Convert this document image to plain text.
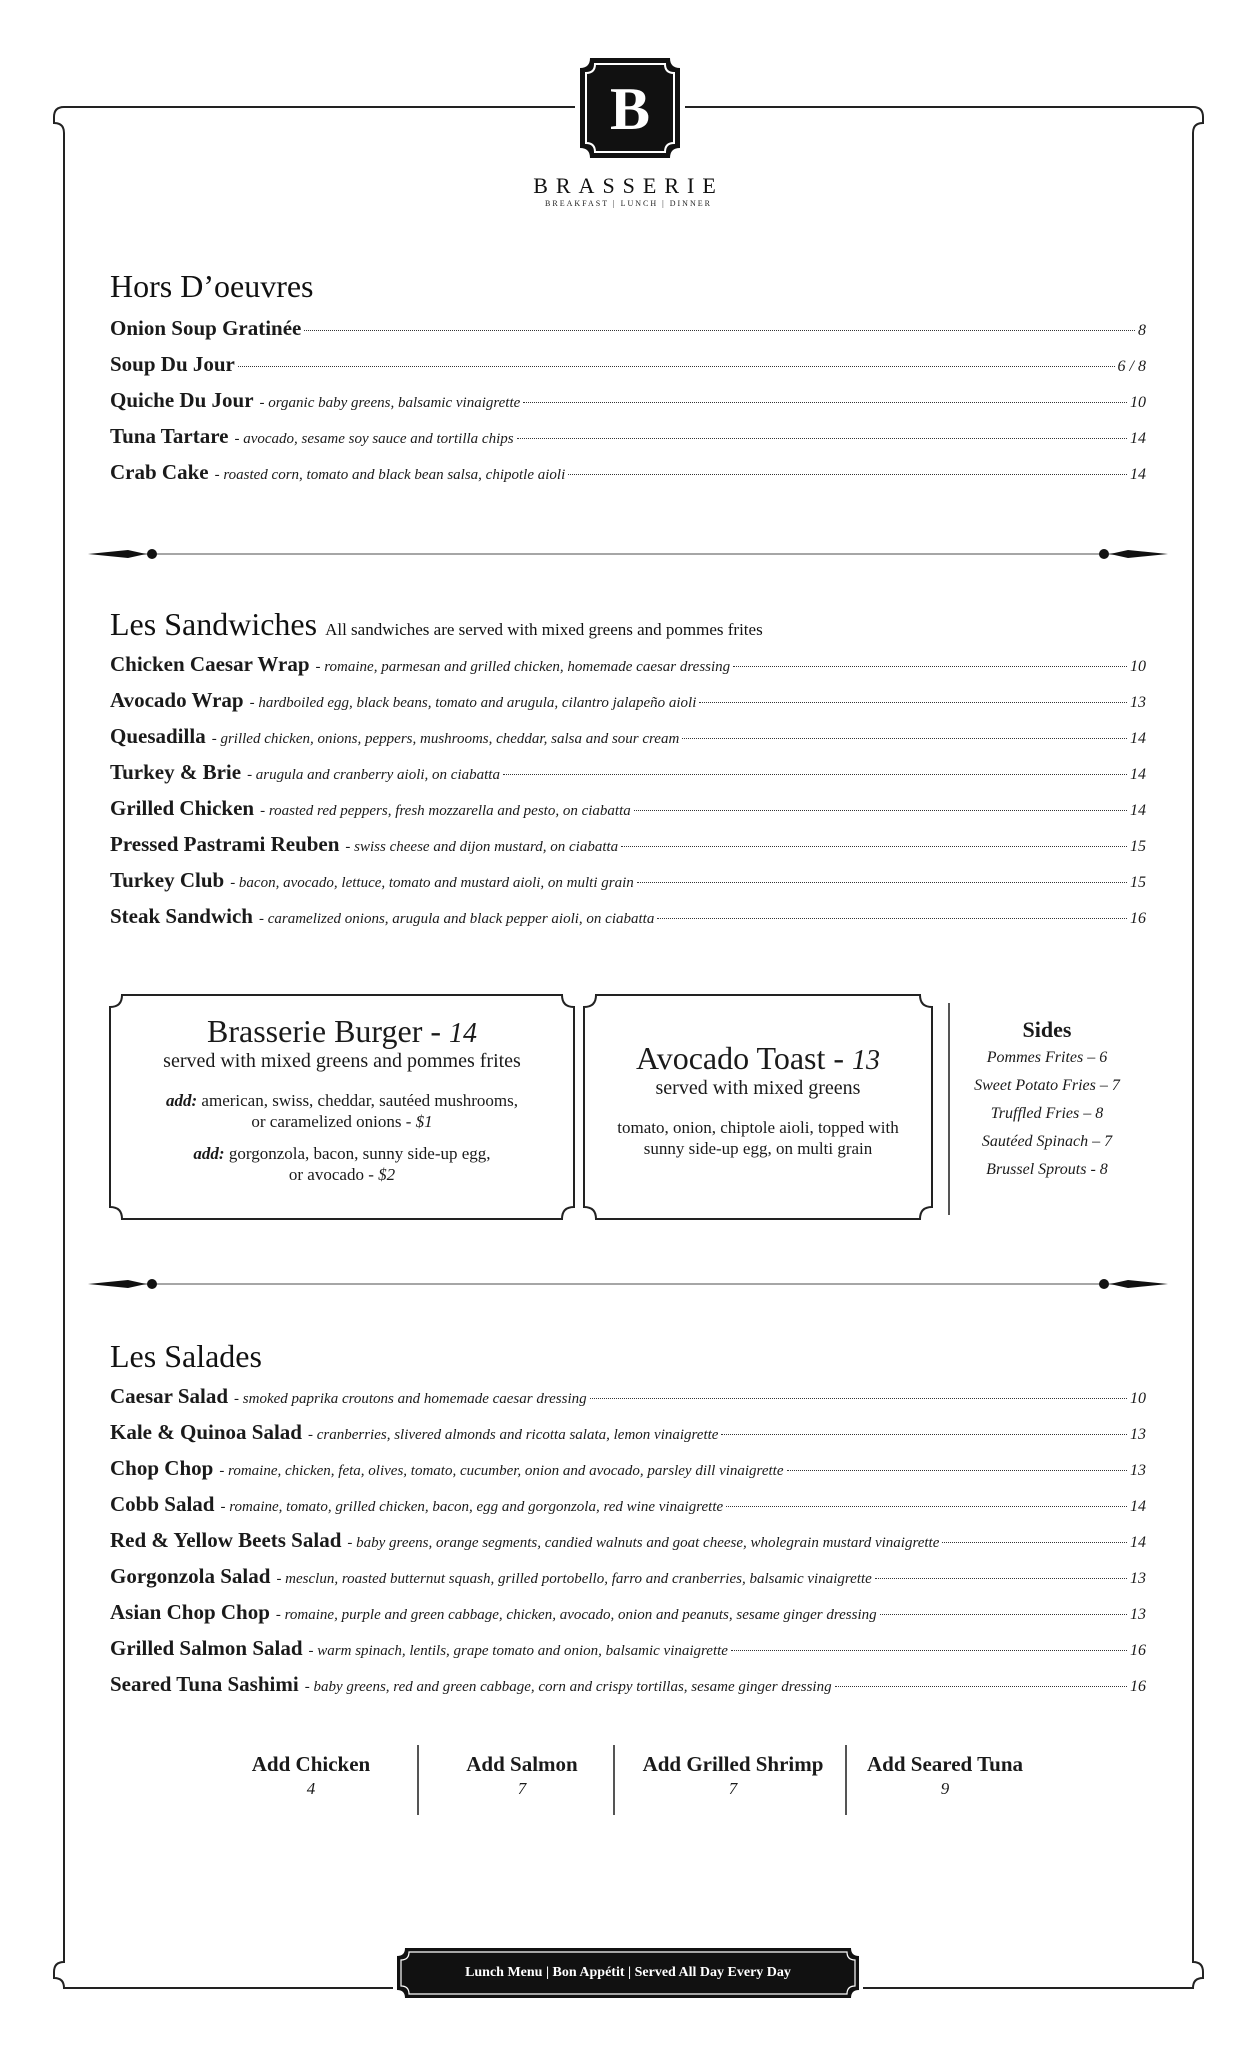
B
BRASSERIE
BREAKFAST | LUNCH | DINNER
Hors D’oeuvres
Onion Soup Gratinée	8
Soup Du Jour	6 / 8
Quiche Du Jour - organic baby greens, balsamic vinaigrette	10
Tuna Tartare - avocado, sesame soy sauce and tortilla chips	14
Crab Cake - roasted corn, tomato and black bean salsa, chipotle aioli	14
Les Sandwiches All sandwiches are served with mixed greens and pommes frites
Chicken Caesar Wrap - romaine, parmesan and grilled chicken, homemade caesar dressing	10
Avocado Wrap - hardboiled egg, black beans, tomato and arugula, cilantro jalapeño aioli	13
Quesadilla - grilled chicken, onions, peppers, mushrooms, cheddar, salsa and sour cream	14
Turkey & Brie - arugula and cranberry aioli, on ciabatta	14
Grilled Chicken - roasted red peppers, fresh mozzarella and pesto, on ciabatta	14
Pressed Pastrami Reuben - swiss cheese and dijon mustard, on ciabatta	15
Turkey Club - bacon, avocado, lettuce, tomato and mustard aioli, on multi grain	15
Steak Sandwich - caramelized onions, arugula and black pepper aioli, on ciabatta	16
Brasserie Burger - 14
served with mixed greens and pommes frites
add: american, swiss, cheddar, sautéed mushrooms,
or caramelized onions - $1
add: gorgonzola, bacon, sunny side-up egg,
or avocado - $2
Avocado Toast - 13
served with mixed greens
tomato, onion, chiptole aioli, topped with
sunny side-up egg, on multi grain
Sides
Pommes Frites – 6
Sweet Potato Fries – 7
Truffled Fries – 8
Sautéed Spinach – 7
Brussel Sprouts - 8
Les Salades
Caesar Salad - smoked paprika croutons and homemade caesar dressing	10
Kale & Quinoa Salad - cranberries, slivered almonds and ricotta salata, lemon vinaigrette	13
Chop Chop - romaine, chicken, feta, olives, tomato, cucumber, onion and avocado, parsley dill vinaigrette	13
Cobb Salad - romaine, tomato, grilled chicken, bacon, egg and gorgonzola, red wine vinaigrette	14
Red & Yellow Beets Salad - baby greens, orange segments, candied walnuts and goat cheese, wholegrain mustard vinaigrette	14
Gorgonzola Salad - mesclun, roasted butternut squash, grilled portobello, farro and cranberries, balsamic vinaigrette	13
Asian Chop Chop - romaine, purple and green cabbage, chicken, avocado, onion and peanuts, sesame ginger dressing	13
Grilled Salmon Salad - warm spinach, lentils, grape tomato and onion, balsamic vinaigrette	16
Seared Tuna Sashimi - baby greens, red and green cabbage, corn and crispy tortillas, sesame ginger dressing	16
Add Chicken
4
Add Salmon
7
Add Grilled Shrimp
7
Add Seared Tuna
9
Lunch Menu | Bon Appétit | Served All Day Every Day
